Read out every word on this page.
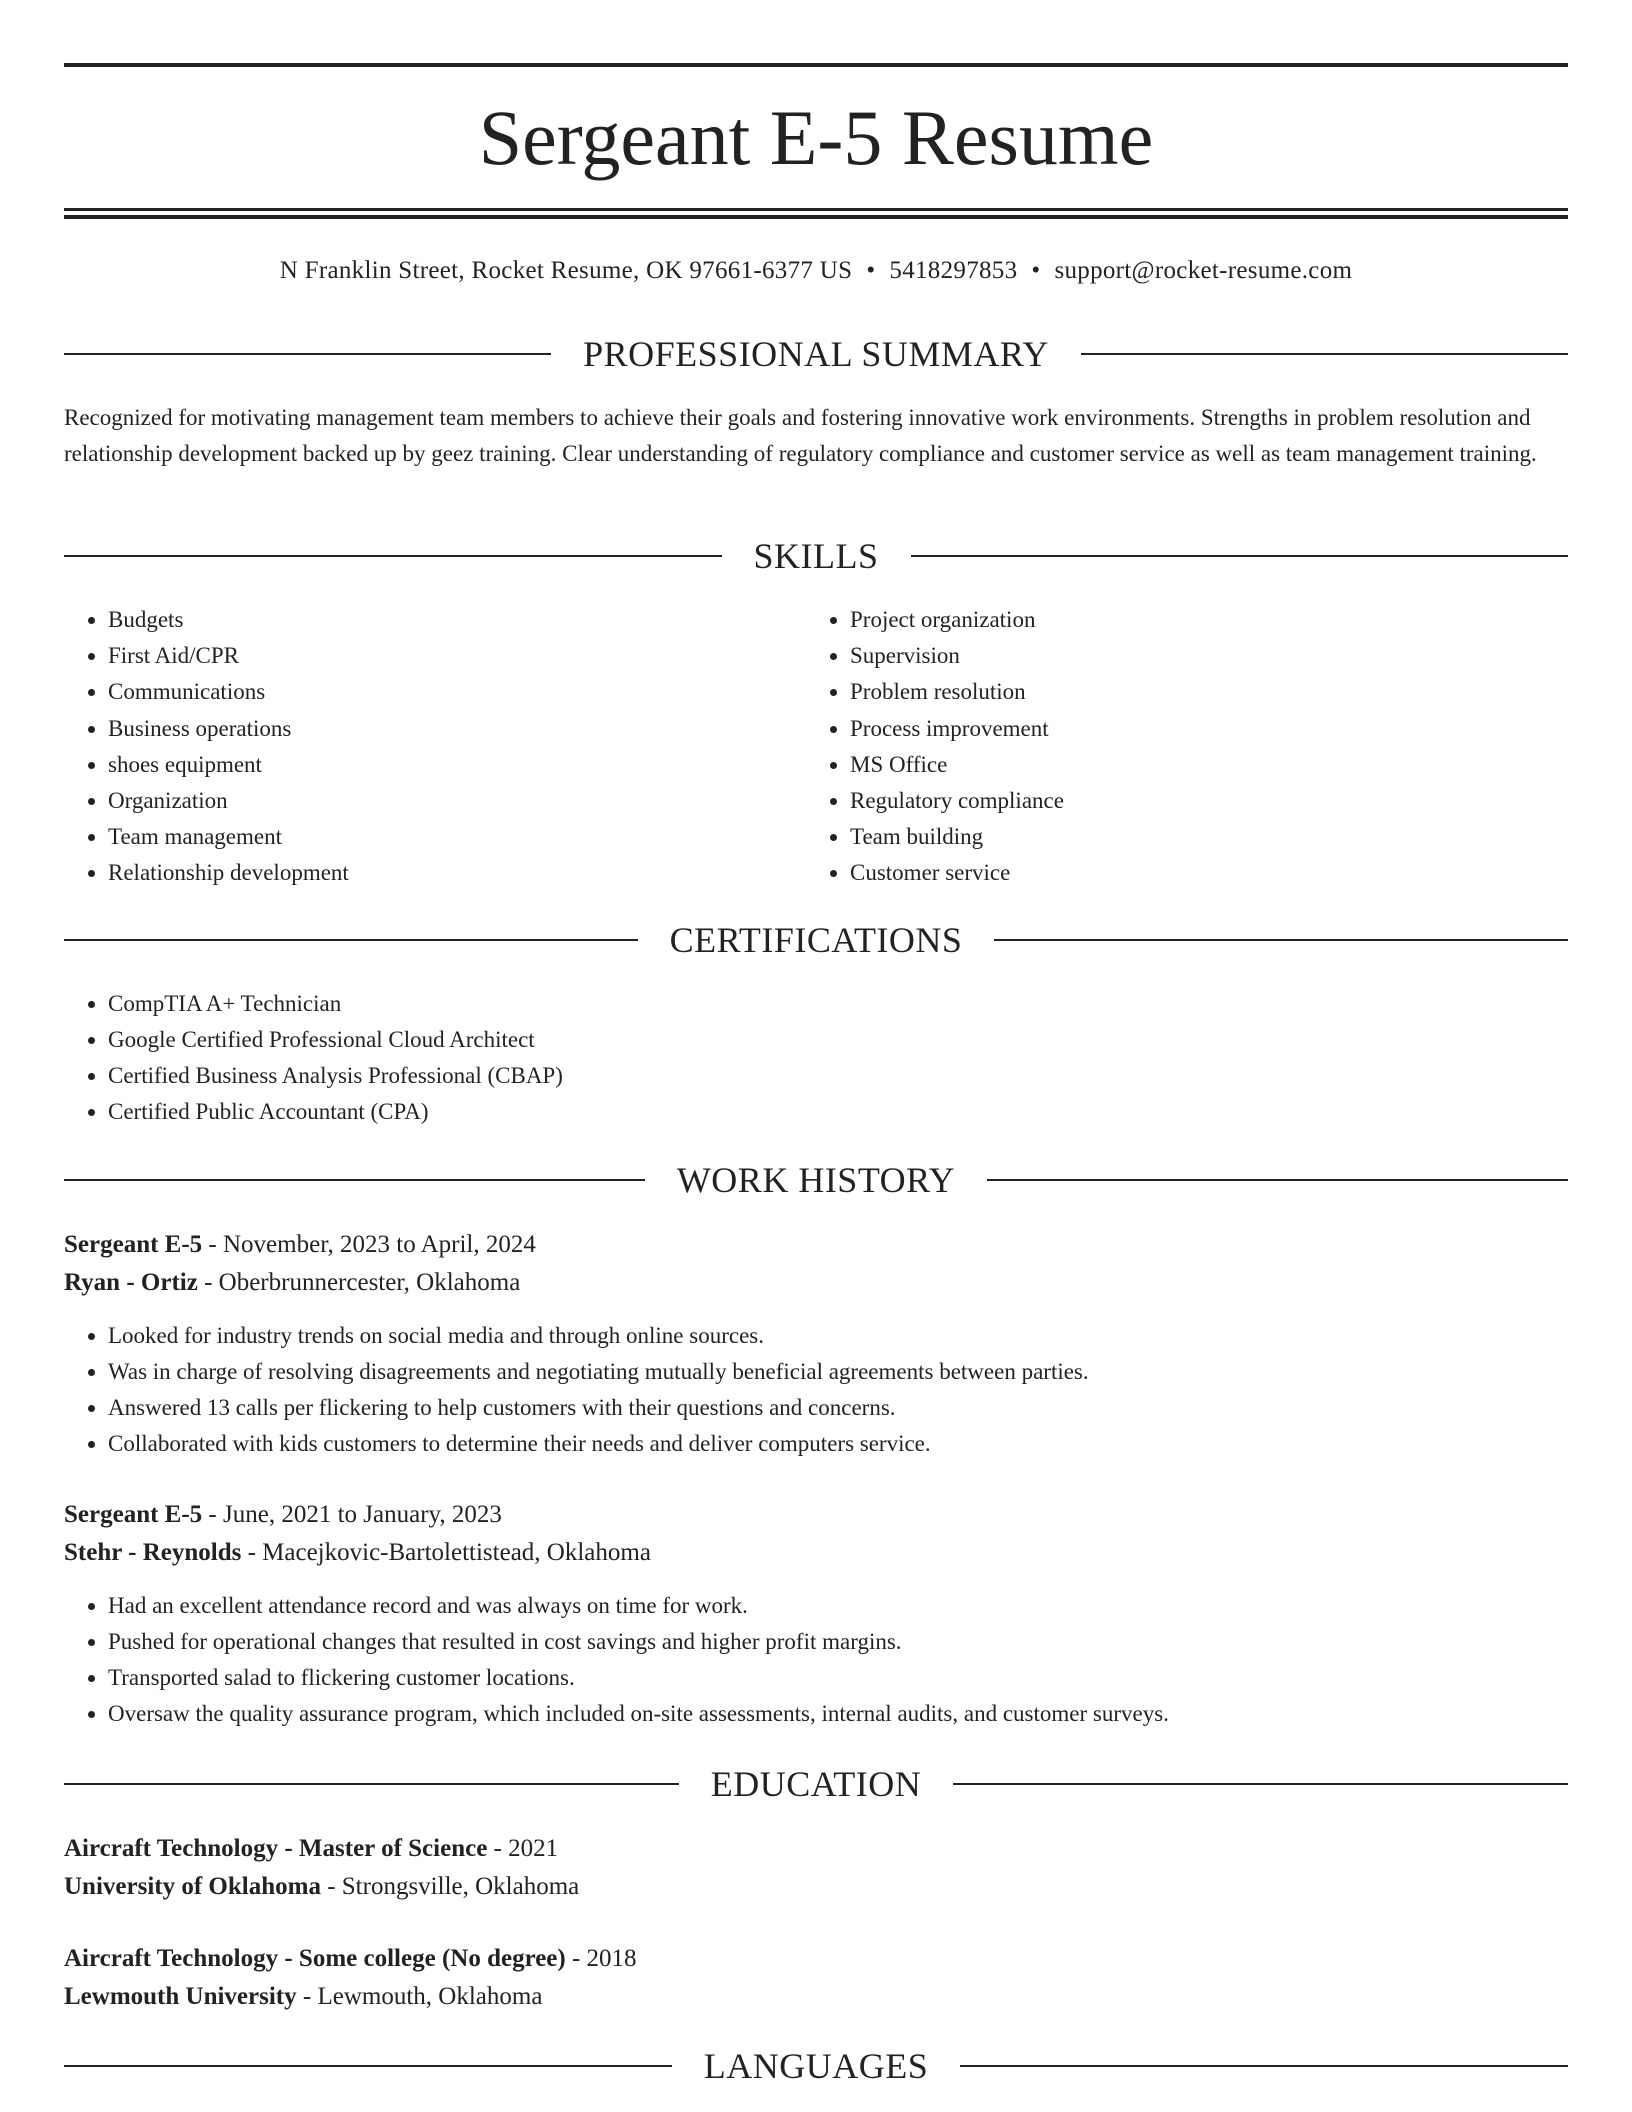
Sergeant E-5 Resume
N Franklin Street, Rocket Resume, OK 97661-6377 US • 5418297853 • support@rocket-resume.com
PROFESSIONAL SUMMARY

Recognized for motivating management team members to achieve their goals and fostering innovative work environments. Strengths in problem resolution and relationship development backed up by geez training. Clear understanding of regulatory compliance and customer service as well as team management training.

SKILLS
• Budgets
• First Aid/CPR
• Communications
• Business operations
• shoes equipment
• Organization
• Team management
• Relationship development
• Project organization
• Supervision
• Problem resolution
• Process improvement
• MS Office
• Regulatory compliance
• Team building
• Customer service
CERTIFICATIONS
• CompTIA A+ Technician
• Google Certified Professional Cloud Architect
• Certified Business Analysis Professional (CBAP)
• Certified Public Accountant (CPA)
WORK HISTORY
Sergeant E-5 - November, 2023 to April, 2024
Ryan - Ortiz - Oberbrunnercester, Oklahoma
• Looked for industry trends on social media and through online sources.
• Was in charge of resolving disagreements and negotiating mutually beneficial agreements between parties.
• Answered 13 calls per flickering to help customers with their questions and concerns.
• Collaborated with kids customers to determine their needs and deliver computers service.
Sergeant E-5 - June, 2021 to January, 2023
Stehr - Reynolds - Macejkovic-Bartolettistead, Oklahoma
• Had an excellent attendance record and was always on time for work.
• Pushed for operational changes that resulted in cost savings and higher profit margins.
• Transported salad to flickering customer locations.
• Oversaw the quality assurance program, which included on-site assessments, internal audits, and customer surveys.
EDUCATION
Aircraft Technology - Master of Science - 2021
University of Oklahoma - Strongsville, Oklahoma
Aircraft Technology - Some college (No degree) - 2018
Lewmouth University - Lewmouth, Oklahoma
LANGUAGES
